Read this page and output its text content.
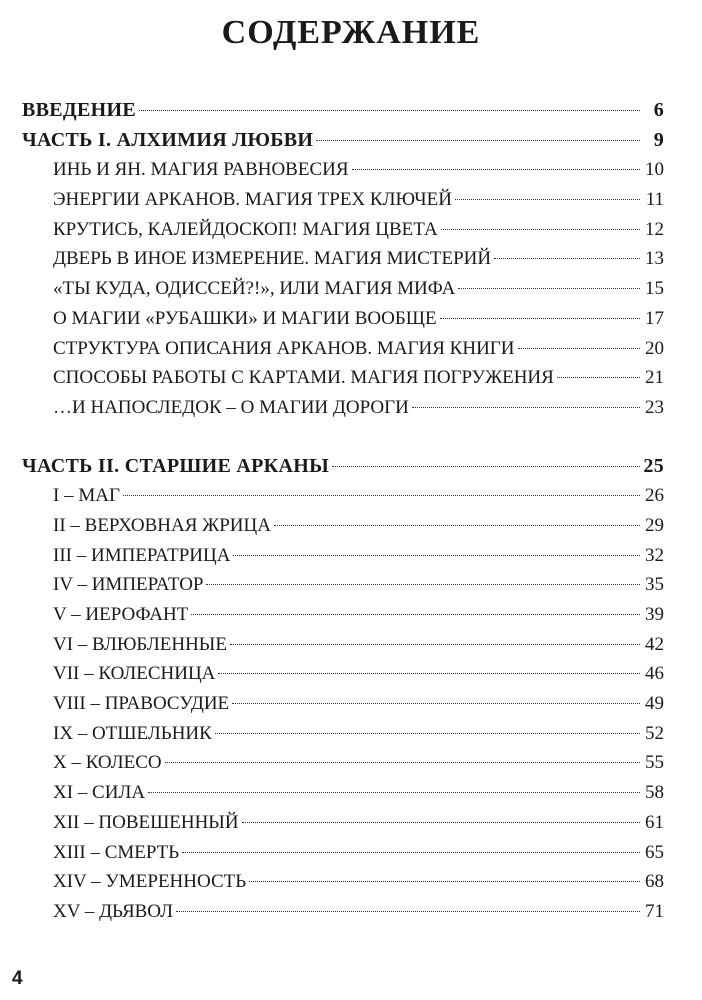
СОДЕРЖАНИЕ
ВВЕДЕНИЕ	6
ЧАСТЬ I. АЛХИМИЯ ЛЮБВИ	9
ИНЬ И ЯН. МАГИЯ РАВНОВЕСИЯ	10
ЭНЕРГИИ АРКАНОВ. МАГИЯ ТРЕХ КЛЮЧЕЙ	11
КРУТИСЬ, КАЛЕЙДОСКОП! МАГИЯ ЦВЕТА	12
ДВЕРЬ В ИНОЕ ИЗМЕРЕНИЕ. МАГИЯ МИСТЕРИЙ	13
«ТЫ КУДА, ОДИССЕЙ?!», ИЛИ МАГИЯ МИФА	15
О МАГИИ «РУБАШКИ» И МАГИИ ВООБЩЕ	17
СТРУКТУРА ОПИСАНИЯ АРКАНОВ. МАГИЯ КНИГИ	20
СПОСОБЫ РАБОТЫ С КАРТАМИ. МАГИЯ ПОГРУЖЕНИЯ	21
…И НАПОСЛЕДОК – О МАГИИ ДОРОГИ	23
ЧАСТЬ II. СТАРШИЕ АРКАНЫ	25
I – МАГ	26
II – ВЕРХОВНАЯ ЖРИЦА	29
III – ИМПЕРАТРИЦА	32
IV – ИМПЕРАТОР	35
V – ИЕРОФАНТ	39
VI – ВЛЮБЛЕННЫЕ	42
VII – КОЛЕСНИЦА	46
VIII – ПРАВОСУДИЕ	49
IX – ОТШЕЛЬНИК	52
X – КОЛЕСО	55
XI – СИЛА	58
XII – ПОВЕШЕННЫЙ	61
XIII – СМЕРТЬ	65
XIV – УМЕРЕННОСТЬ	68
XV – ДЬЯВОЛ	71
4
